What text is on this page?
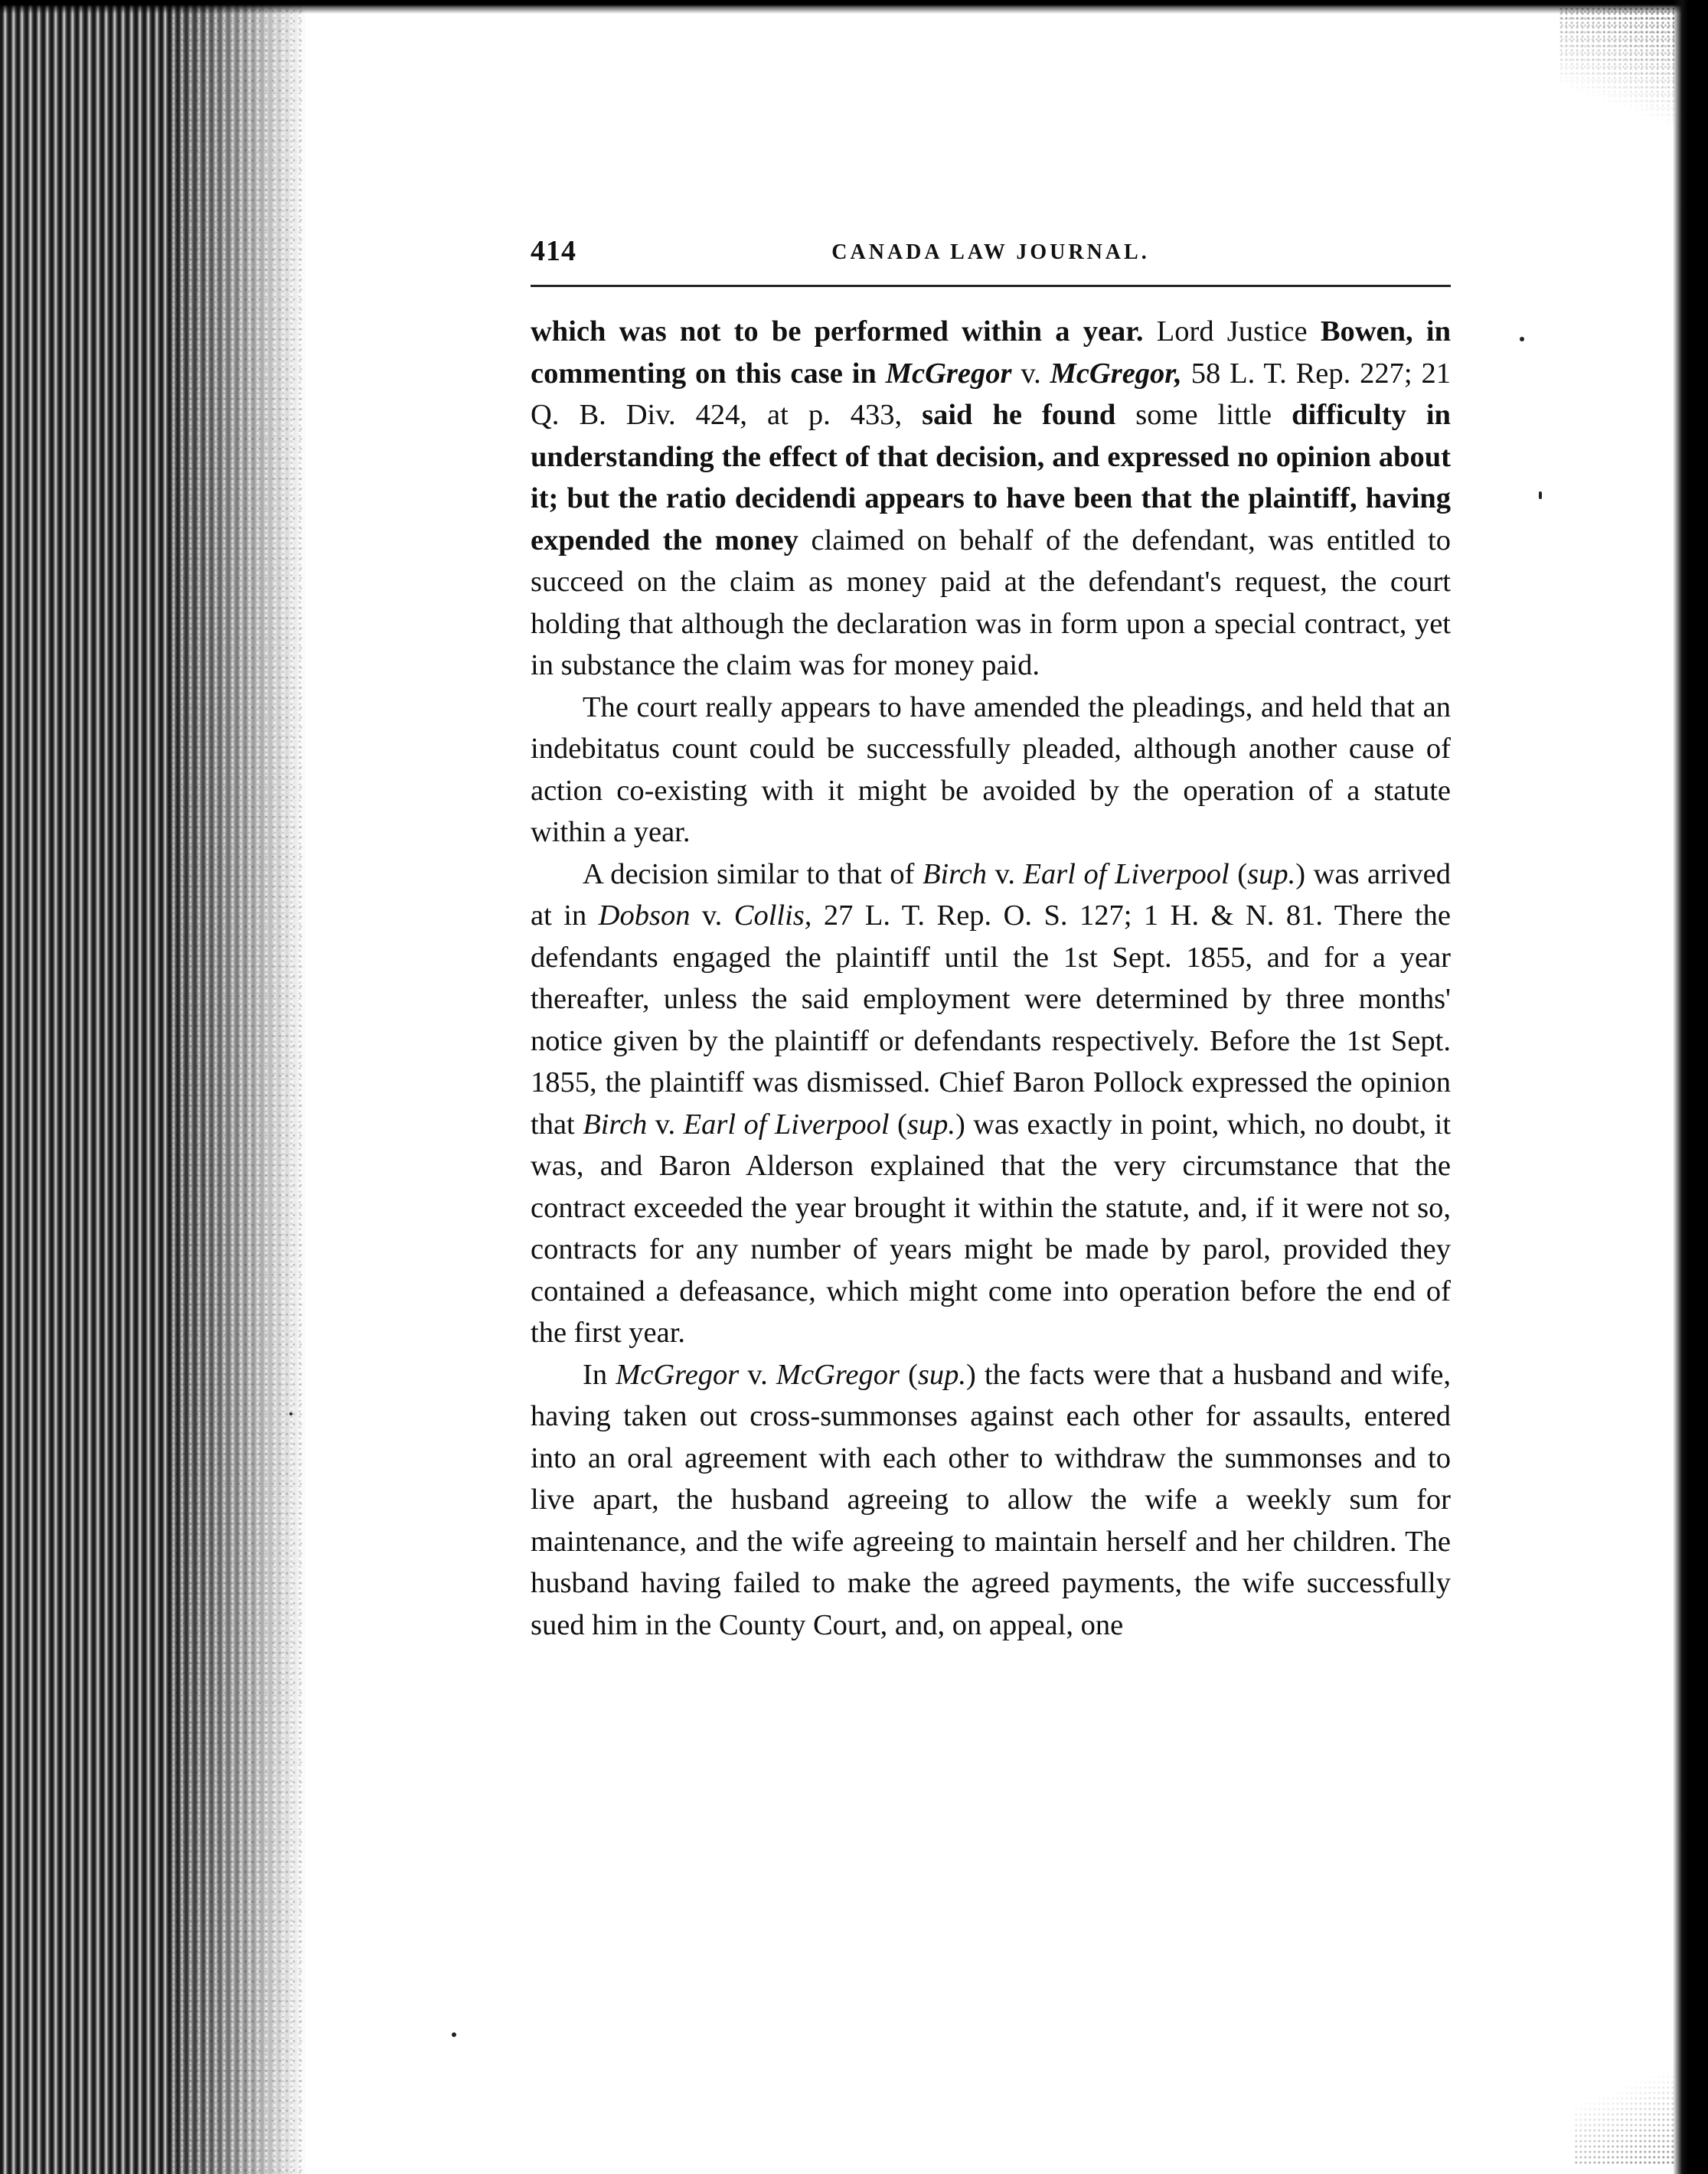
414	CANADA LAW JOURNAL.

which was not to be performed within a year. Lord Justice Bowen, in commenting on this case in McGregor v. McGregor, 58 L. T. Rep. 227; 21 Q. B. Div. 424, at p. 433, said he found some little difficulty in understanding the effect of that decision, and expressed no opinion about it; but the ratio decidendi appears to have been that the plaintiff, having expended the money claimed on behalf of the defendant, was entitled to succeed on the claim as money paid at the defendant's request, the court holding that although the declaration was in form upon a special contract, yet in substance the claim was for money paid.

The court really appears to have amended the pleadings, and held that an indebitatus count could be successfully pleaded, although another cause of action co-existing with it might be avoided by the operation of a statute within a year.

A decision similar to that of Birch v. Earl of Liverpool (sup.) was arrived at in Dobson v. Collis, 27 L. T. Rep. O. S. 127; 1 H. & N. 81. There the defendants engaged the plaintiff until the 1st Sept. 1855, and for a year thereafter, unless the said employment were determined by three months' notice given by the plaintiff or defendants respectively. Before the 1st Sept. 1855, the plaintiff was dismissed. Chief Baron Pollock expressed the opinion that Birch v. Earl of Liverpool (sup.) was exactly in point, which, no doubt, it was, and Baron Alderson explained that the very circumstance that the contract exceeded the year brought it within the statute, and, if it were not so, contracts for any number of years might be made by parol, provided they contained a defeasance, which might come into operation before the end of the first year.

In McGregor v. McGregor (sup.) the facts were that a husband and wife, having taken out cross-summonses against each other for assaults, entered into an oral agreement with each other to withdraw the summonses and to live apart, the husband agreeing to allow the wife a weekly sum for maintenance, and the wife agreeing to maintain herself and her children. The husband having failed to make the agreed payments, the wife successfully sued him in the County Court, and, on appeal, one
